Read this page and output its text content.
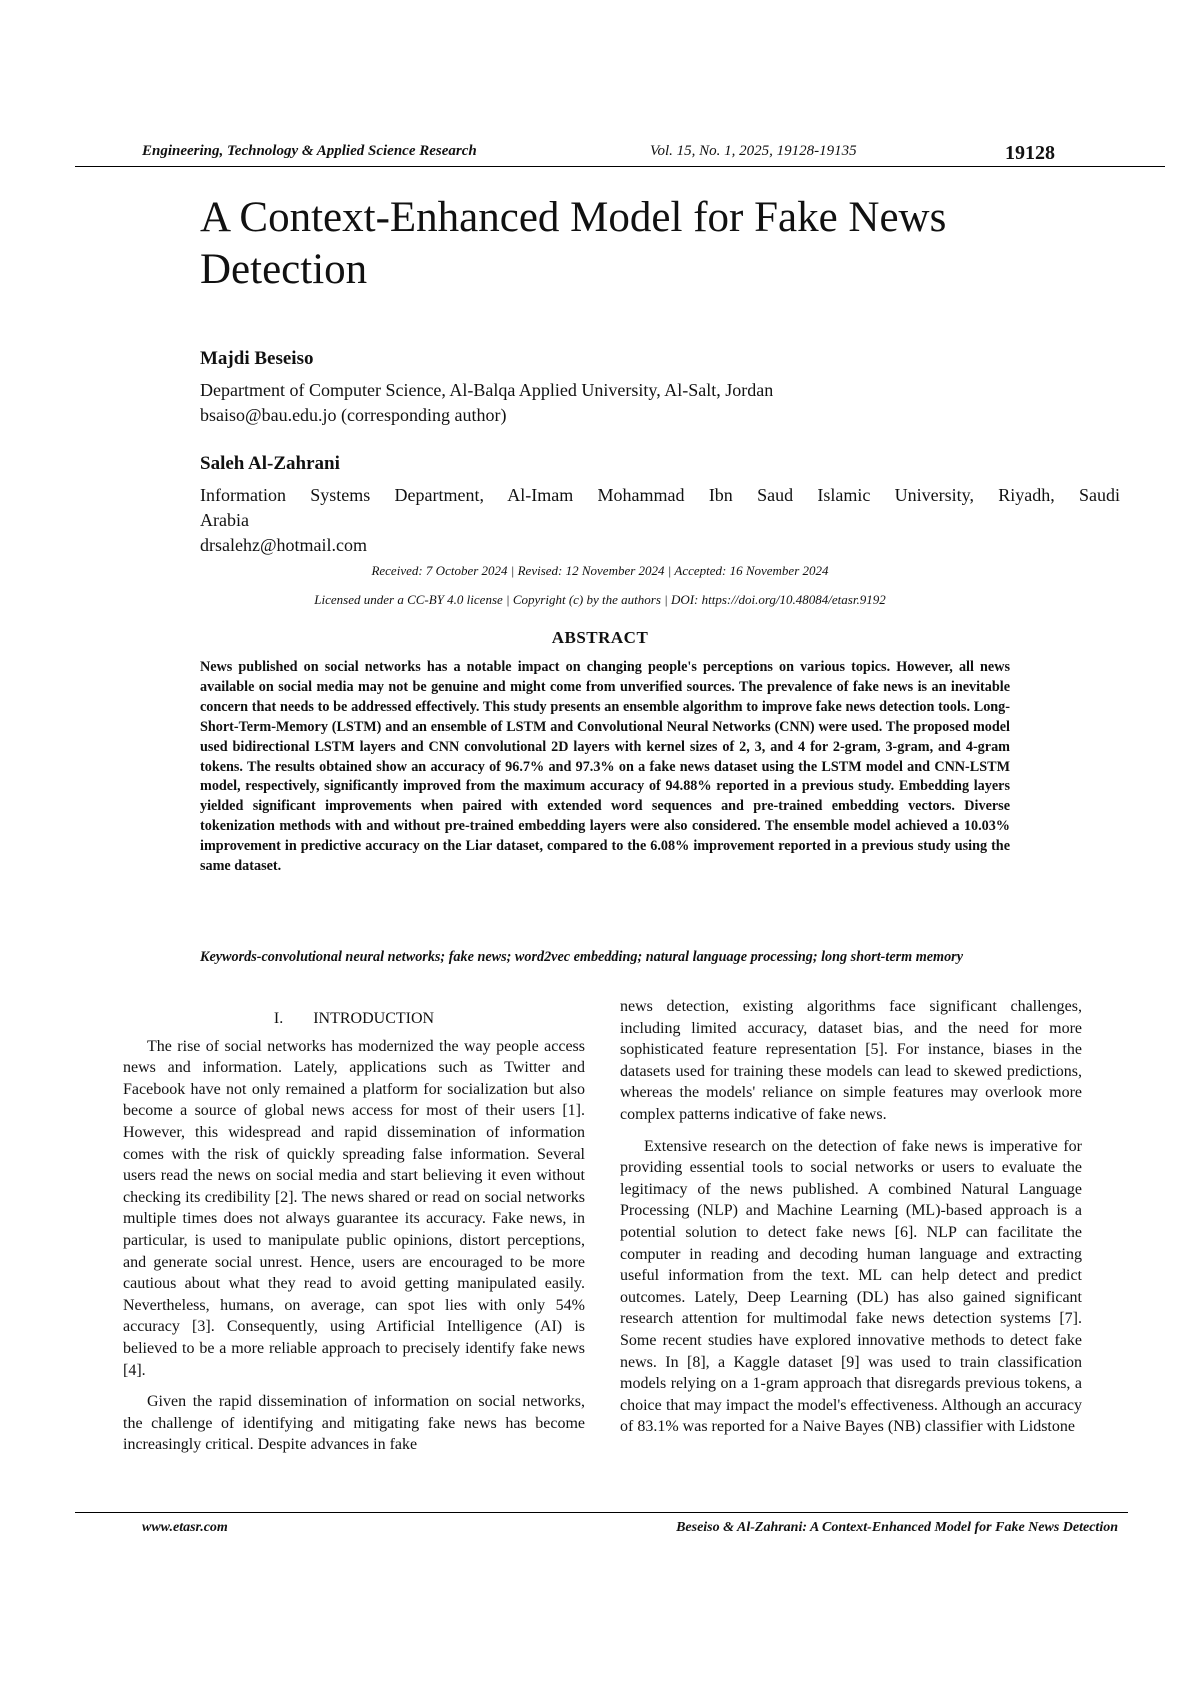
Engineering, Technology & Applied Science Research	Vol. 15, No. 1, 2025, 19128-19135	19128
A Context-Enhanced Model for Fake News Detection
Majdi Beseiso
Department of Computer Science, Al-Balqa Applied University, Al-Salt, Jordan
bsaiso@bau.edu.jo (corresponding author)
Saleh Al-Zahrani
Information Systems Department, Al-Imam Mohammad Ibn Saud Islamic University, Riyadh, Saudi
Arabia
drsalehz@hotmail.com
Received: 7 October 2024 | Revised: 12 November 2024 | Accepted: 16 November 2024
Licensed under a CC-BY 4.0 license | Copyright (c) by the authors | DOI: https://doi.org/10.48084/etasr.9192
ABSTRACT

News published on social networks has a notable impact on changing people's perceptions on various topics. However, all news available on social media may not be genuine and might come from unverified sources. The prevalence of fake news is an inevitable concern that needs to be addressed effectively. This study presents an ensemble algorithm to improve fake news detection tools. Long-Short-Term-Memory (LSTM) and an ensemble of LSTM and Convolutional Neural Networks (CNN) were used. The proposed model used bidirectional LSTM layers and CNN convolutional 2D layers with kernel sizes of 2, 3, and 4 for 2-gram, 3-gram, and 4-gram tokens. The results obtained show an accuracy of 96.7% and 97.3% on a fake news dataset using the LSTM model and CNN-LSTM model, respectively, significantly improved from the maximum accuracy of 94.88% reported in a previous study. Embedding layers yielded significant improvements when paired with extended word sequences and pre-trained embedding vectors. Diverse tokenization methods with and without pre-trained embedding layers were also considered. The ensemble model achieved a 10.03% improvement in predictive accuracy on the Liar dataset, compared to the 6.08% improvement reported in a previous study using the same dataset.

Keywords-convolutional neural networks; fake news; word2vec embedding; natural language processing; long short-term memory

I. INTRODUCTION

The rise of social networks has modernized the way people access news and information. Lately, applications such as Twitter and Facebook have not only remained a platform for socialization but also become a source of global news access for most of their users [1]. However, this widespread and rapid dissemination of information comes with the risk of quickly spreading false information. Several users read the news on social media and start believing it even without checking its credibility [2]. The news shared or read on social networks multiple times does not always guarantee its accuracy. Fake news, in particular, is used to manipulate public opinions, distort perceptions, and generate social unrest. Hence, users are encouraged to be more cautious about what they read to avoid getting manipulated easily. Nevertheless, humans, on average, can spot lies with only 54% accuracy [3]. Consequently, using Artificial Intelligence (AI) is believed to be a more reliable approach to precisely identify fake news [4].

Given the rapid dissemination of information on social networks, the challenge of identifying and mitigating fake news has become increasingly critical. Despite advances in fake

news detection, existing algorithms face significant challenges, including limited accuracy, dataset bias, and the need for more sophisticated feature representation [5]. For instance, biases in the datasets used for training these models can lead to skewed predictions, whereas the models' reliance on simple features may overlook more complex patterns indicative of fake news.

Extensive research on the detection of fake news is imperative for providing essential tools to social networks or users to evaluate the legitimacy of the news published. A combined Natural Language Processing (NLP) and Machine Learning (ML)-based approach is a potential solution to detect fake news [6]. NLP can facilitate the computer in reading and decoding human language and extracting useful information from the text. ML can help detect and predict outcomes. Lately, Deep Learning (DL) has also gained significant research attention for multimodal fake news detection systems [7]. Some recent studies have explored innovative methods to detect fake news. In [8], a Kaggle dataset [9] was used to train classification models relying on a 1-gram approach that disregards previous tokens, a choice that may impact the model's effectiveness. Although an accuracy of 83.1% was reported for a Naive Bayes (NB) classifier with Lidstone

www.etasr.com	Beseiso & Al-Zahrani: A Context-Enhanced Model for Fake News Detection
